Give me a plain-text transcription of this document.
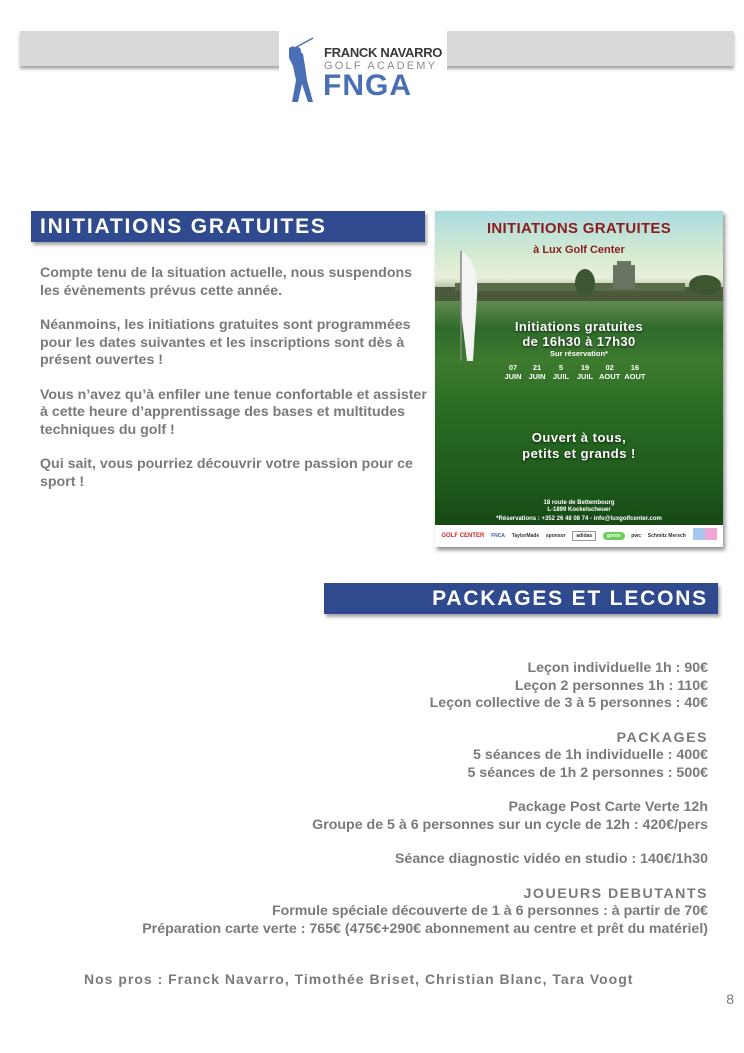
FRANCK NAVARRO
GOLF ACADEMY
FNGA
INITIATIONS GRATUITES

Compte tenu de la situation actuelle, nous suspendons les évènements prévus cette année.

Néanmoins, les initiations gratuites sont programmées pour les dates suivantes et les inscriptions sont dès à présent ouvertes !

Vous n’avez qu’à enfiler une tenue confortable et assister à cette heure d’apprentissage des bases et multitudes techniques du golf !

Qui sait, vous pourriez découvrir votre passion pour ce sport !

INITIATIONS GRATUITES
à Lux Golf Center
Initiations gratuites
de 16h30 à 17h30
Sur réservation*
07
JUIN
21
JUIN
5
JUIL
19
JUIL
02
AOUT
16
AOUT
Ouvert à tous,
petits et grands !
18 route de Bettembourg
L-1899 Kockelscheuer
*Réservations : +352 26 48 08 74 - info@luxgolfcenter.com
GOLF CENTER FNCA TaylorMade sponsor	adidas	green	pwc Schmitz Mersch
PACKAGES ET LECONS
Leçon individuelle 1h : 90€
Leçon 2 personnes 1h : 110€
Leçon collective de 3 à 5 personnes : 40€
PACKAGES
5 séances de 1h individuelle : 400€
5 séances de 1h 2 personnes : 500€
Package Post Carte Verte 12h
Groupe de 5 à 6 personnes sur un cycle de 12h : 420€/pers
Séance diagnostic vidéo en studio : 140€/1h30
JOUEURS DEBUTANTS
Formule spéciale découverte de 1 à 6 personnes : à partir de 70€
Préparation carte verte : 765€ (475€+290€ abonnement au centre et prêt du matériel)
Nos pros : Franck Navarro, Timothée Briset, Christian Blanc, Tara Voogt
8
